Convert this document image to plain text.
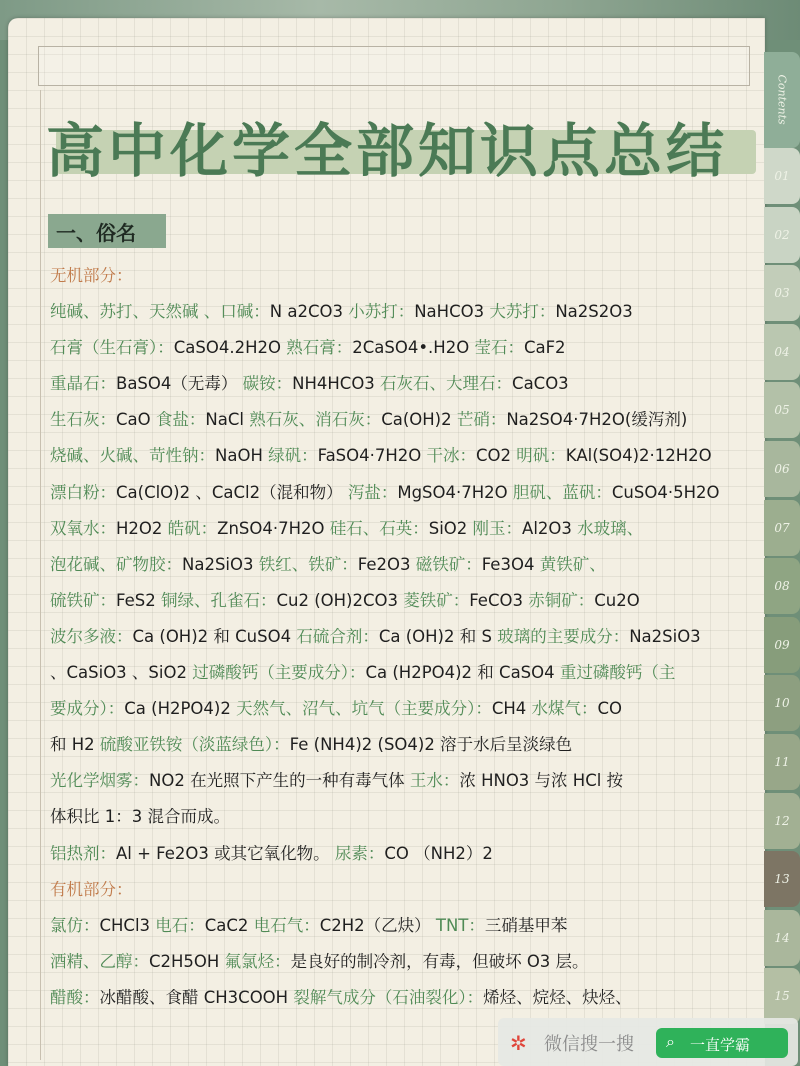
高中化学全部知识点总结
一、俗名
无机部分：
纯碱、苏打、天然碱 、口碱：N a2CO3 小苏打：NaHCO3 大苏打：Na2S2O3
石膏（生石膏）：CaSO4.2H2O 熟石膏：2CaSO4•.H2O 莹石：CaF2
重晶石：BaSO4（无毒） 碳铵：NH4HCO3 石灰石、大理石：CaCO3
生石灰：CaO 食盐：NaCl 熟石灰、消石灰：Ca(OH)2 芒硝：Na2SO4·7H2O(缓泻剂)
烧碱、火碱、苛性钠：NaOH 绿矾：FaSO4·7H2O 干冰：CO2 明矾：KAl(SO4)2·12H2O
漂白粉：Ca(ClO)2 、CaCl2（混和物） 泻盐：MgSO4·7H2O 胆矾、蓝矾：CuSO4·5H2O
双氧水：H2O2 皓矾：ZnSO4·7H2O 硅石、石英：SiO2 刚玉：Al2O3 水玻璃、
泡花碱、矿物胶：Na2SiO3 铁红、铁矿：Fe2O3 磁铁矿：Fe3O4 黄铁矿、
硫铁矿：FeS2 铜绿、孔雀石：Cu2 (OH)2CO3 菱铁矿：FeCO3 赤铜矿：Cu2O
波尔多液：Ca (OH)2 和 CuSO4 石硫合剂：Ca (OH)2 和 S 玻璃的主要成分：Na2SiO3
、CaSiO3 、SiO2 过磷酸钙（主要成分）：Ca (H2PO4)2 和 CaSO4 重过磷酸钙（主
要成分）：Ca (H2PO4)2 天然气、沼气、坑气（主要成分）：CH4 水煤气：CO
和 H2 硫酸亚铁铵（淡蓝绿色）：Fe (NH4)2 (SO4)2 溶于水后呈淡绿色
光化学烟雾：NO2 在光照下产生的一种有毒气体 王水：浓 HNO3 与浓 HCl 按
体积比 1：3 混合而成。
铝热剂：Al + Fe2O3 或其它氧化物。 尿素：CO （NH2）2
有机部分：
氯仿：CHCl3 电石：CaC2 电石气：C2H2（乙炔） TNT：三硝基甲苯
酒精、乙醇：C2H5OH 氟氯烃：是良好的制冷剂，有毒，但破坏 O3 层。
醋酸：冰醋酸、食醋 CH3COOH 裂解气成分（石油裂化）：烯烃、烷烃、炔烃、
Contents
01
02
03
04
05
06
07
08
09
10
11
12
13
14
15
✲ 微信搜一搜 ⌕ 一直学霸
